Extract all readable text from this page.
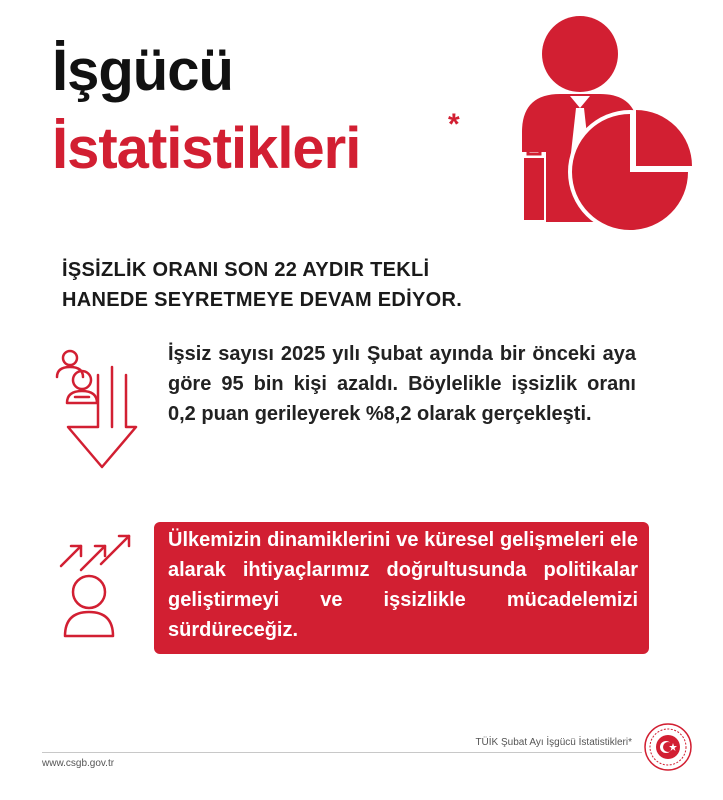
İşgücü
İstatistikleri	*
İŞSİZLİK ORANI SON 22 AYDIR TEKLİ HANEDE SEYRETMEYE DEVAM EDİYOR.
İşsiz sayısı 2025 yılı Şubat ayında bir önceki aya göre 95 bin kişi azaldı. Böylelikle işsizlik oranı 0,2 puan gerileyerek %8,2 olarak gerçekleşti.
Ülkemizin dinamiklerini ve küresel gelişmeleri ele alarak ihtiyaçlarımız doğrultusunda politikalar geliştirmeyi ve işsizlikle mücadelemizi sürdüreceğiz.
TÜİK Şubat Ayı İşgücü İstatistikleri*
www.csgb.gov.tr
